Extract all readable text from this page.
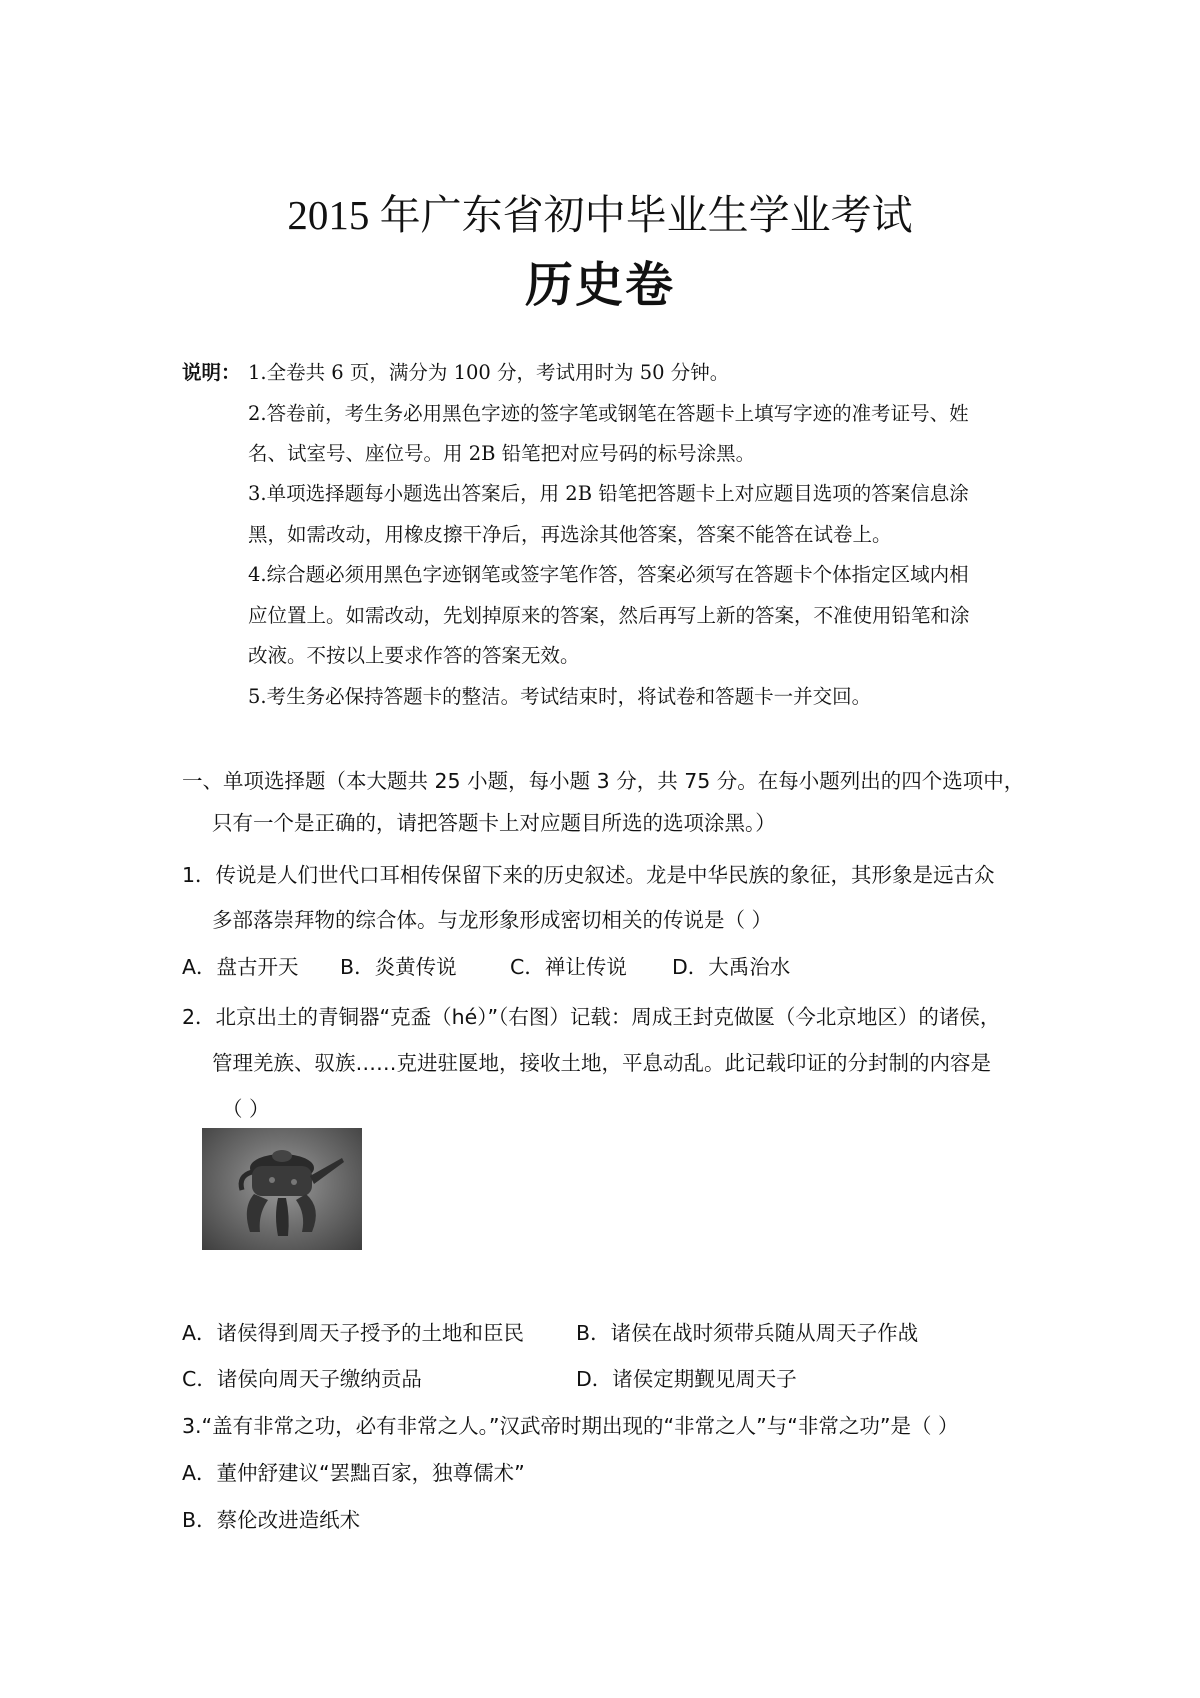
2015 年广东省初中毕业生学业考试
历史卷
说明： 1.全卷共 6 页，满分为 100 分，考试用时为 50 分钟。
2.答卷前，考生务必用黑色字迹的签字笔或钢笔在答题卡上填写字迹的准考证号、姓
名、试室号、座位号。用 2B 铅笔把对应号码的标号涂黑。
3.单项选择题每小题选出答案后，用 2B 铅笔把答题卡上对应题目选项的答案信息涂
黑，如需改动，用橡皮擦干净后，再选涂其他答案，答案不能答在试卷上。
4.综合题必须用黑色字迹钢笔或签字笔作答，答案必须写在答题卡个体指定区域内相
应位置上。如需改动，先划掉原来的答案，然后再写上新的答案，不准使用铅笔和涂
改液。不按以上要求作答的答案无效。
5.考生务必保持答题卡的整洁。考试结束时，将试卷和答题卡一并交回。
一、单项选择题（本大题共 25 小题，每小题 3 分，共 75 分。在每小题列出的四个选项中，
只有一个是正确的，请把答题卡上对应题目所选的选项涂黑。）
1．传说是人们世代口耳相传保留下来的历史叙述。龙是中华民族的象征，其形象是远古众
多部落崇拜物的综合体。与龙形象形成密切相关的传说是（ ）
A．盘古开天 B．炎黄传说	C．禅让传说 D．大禹治水
2．北京出土的青铜器“克盉（hé）”（右图）记载：周成王封克做匽（今北京地区）的诸侯，
管理羌族、驭族……克进驻匽地，接收土地，平息动乱。此记载印证的分封制的内容是
（ ）
A．诸侯得到周天子授予的土地和臣民	B．诸侯在战时须带兵随从周天子作战
C．诸侯向周天子缴纳贡品	D．诸侯定期觐见周天子
3.“盖有非常之功，必有非常之人。”汉武帝时期出现的“非常之人”与“非常之功”是（ ）
A．董仲舒建议“罢黜百家，独尊儒术”
B．蔡伦改进造纸术
